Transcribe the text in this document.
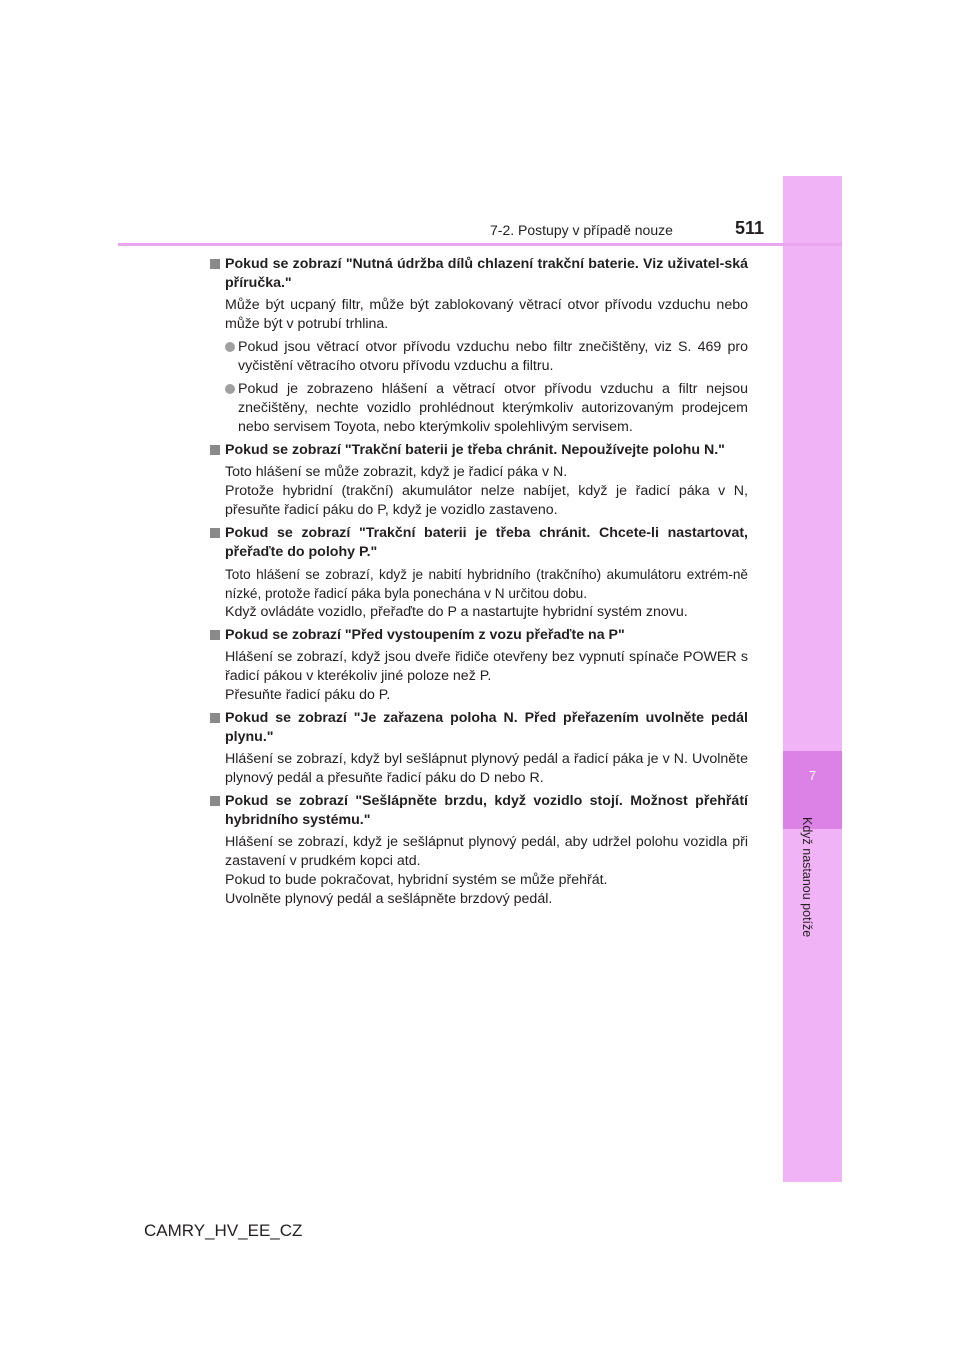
7
Když nastanou potíže
7-2. Postupy v případě nouze	511

Pokud se zobrazí "Nutná údržba dílů chlazení trakční baterie. Viz uživatel-ská příručka."

Může být ucpaný filtr, může být zablokovaný větrací otvor přívodu vzduchu nebo může být v potrubí trhlina.

Pokud jsou větrací otvor přívodu vzduchu nebo filtr znečištěny, viz S. 469 pro vyčistění větracího otvoru přívodu vzduchu a filtru.
Pokud je zobrazeno hlášení a větrací otvor přívodu vzduchu a filtr nejsou znečištěny, nechte vozidlo prohlédnout kterýmkoliv autorizovaným prodejcem nebo servisem Toyota, nebo kterýmkoliv spolehlivým servisem.

Pokud se zobrazí "Trakční baterii je třeba chránit. Nepoužívejte polohu N."

Toto hlášení se může zobrazit, když je řadicí páka v N.
Protože hybridní (trakční) akumulátor nelze nabíjet, když je řadicí páka v N, přesuňte řadicí páku do P, když je vozidlo zastaveno.

Pokud se zobrazí "Trakční baterii je třeba chránit. Chcete-li nastartovat, přeřaďte do polohy P."

Toto hlášení se zobrazí, když je nabití hybridního (trakčního) akumulátoru extrém-ně nízké, protože řadicí páka byla ponechána v N určitou dobu.
Když ovládáte vozidlo, přeřaďte do P a nastartujte hybridní systém znovu.

Pokud se zobrazí "Před vystoupením z vozu přeřaďte na P"

Hlášení se zobrazí, když jsou dveře řidiče otevřeny bez vypnutí spínače POWER s řadicí pákou v kterékoliv jiné poloze než P.
Přesuňte řadicí páku do P.

Pokud se zobrazí "Je zařazena poloha N. Před přeřazením uvolněte pedál plynu."

Hlášení se zobrazí, když byl sešlápnut plynový pedál a řadicí páka je v N. Uvolněte plynový pedál a přesuňte řadicí páku do D nebo R.

Pokud se zobrazí "Sešlápněte brzdu, když vozidlo stojí. Možnost přehřátí hybridního systému."

Hlášení se zobrazí, když je sešlápnut plynový pedál, aby udržel polohu vozidla při zastavení v prudkém kopci atd.
Pokud to bude pokračovat, hybridní systém se může přehřát.
Uvolněte plynový pedál a sešlápněte brzdový pedál.
CAMRY_HV_EE_CZ
